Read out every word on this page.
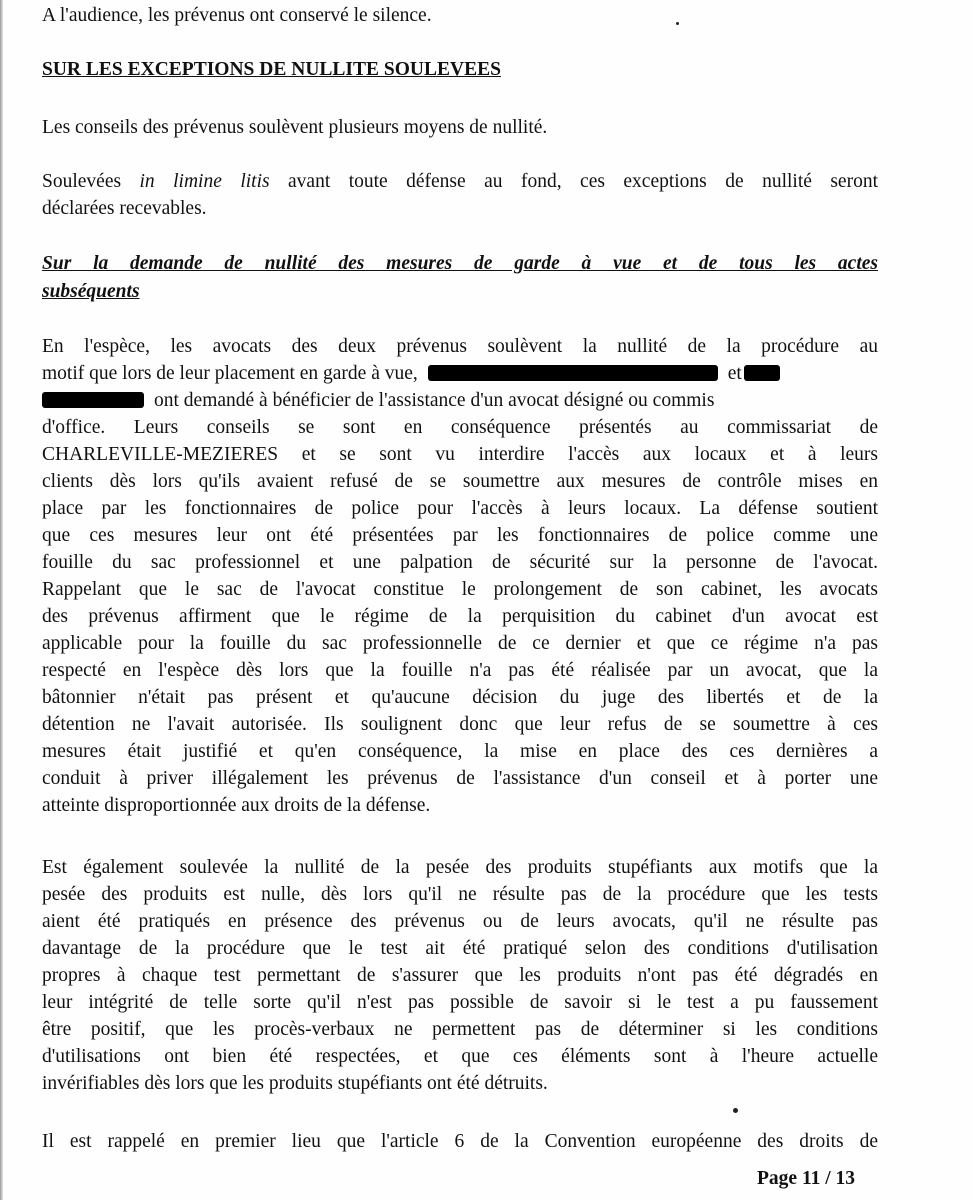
A l'audience, les prévenus ont conservé le silence.

SUR LES EXCEPTIONS DE NULLITE SOULEVEES

Les conseils des prévenus soulèvent plusieurs moyens de nullité.

Soulevées in limine litis avant toute défense au fond, ces exceptions de nullité seront

déclarées recevables.

Sur la demande de nullité des mesures de garde à vue et de tous les actes

subséquents

En l'espèce, les avocats des deux prévenus soulèvent la nullité de la procédure au

motif que lors de leur placement en garde à vue,	et

ont demandé à bénéficier de l'assistance d'un avocat désigné ou commis

d'office. Leurs conseils se sont en conséquence présentés au commissariat de

CHARLEVILLE-MEZIERES et se sont vu interdire l'accès aux locaux et à leurs

clients dès lors qu'ils avaient refusé de se soumettre aux mesures de contrôle mises en

place par les fonctionnaires de police pour l'accès à leurs locaux. La défense soutient

que ces mesures leur ont été présentées par les fonctionnaires de police comme une

fouille du sac professionnel et une palpation de sécurité sur la personne de l'avocat.

Rappelant que le sac de l'avocat constitue le prolongement de son cabinet, les avocats

des prévenus affirment que le régime de la perquisition du cabinet d'un avocat est

applicable pour la fouille du sac professionnelle de ce dernier et que ce régime n'a pas

respecté en l'espèce dès lors que la fouille n'a pas été réalisée par un avocat, que la

bâtonnier n'était pas présent et qu'aucune décision du juge des libertés et de la

détention ne l'avait autorisée. Ils soulignent donc que leur refus de se soumettre à ces

mesures était justifié et qu'en conséquence, la mise en place des ces dernières a

conduit à priver illégalement les prévenus de l'assistance d'un conseil et à porter une

atteinte disproportionnée aux droits de la défense.

Est également soulevée la nullité de la pesée des produits stupéfiants aux motifs que la

pesée des produits est nulle, dès lors qu'il ne résulte pas de la procédure que les tests

aient été pratiqués en présence des prévenus ou de leurs avocats, qu'il ne résulte pas

davantage de la procédure que le test ait été pratiqué selon des conditions d'utilisation

propres à chaque test permettant de s'assurer que les produits n'ont pas été dégradés en

leur intégrité de telle sorte qu'il n'est pas possible de savoir si le test a pu faussement

être positif, que les procès-verbaux ne permettent pas de déterminer si les conditions

d'utilisations ont bien été respectées, et que ces éléments sont à l'heure actuelle

invérifiables dès lors que les produits stupéfiants ont été détruits.

Il est rappelé en premier lieu que l'article 6 de la Convention européenne des droits de

Page 11 / 13
